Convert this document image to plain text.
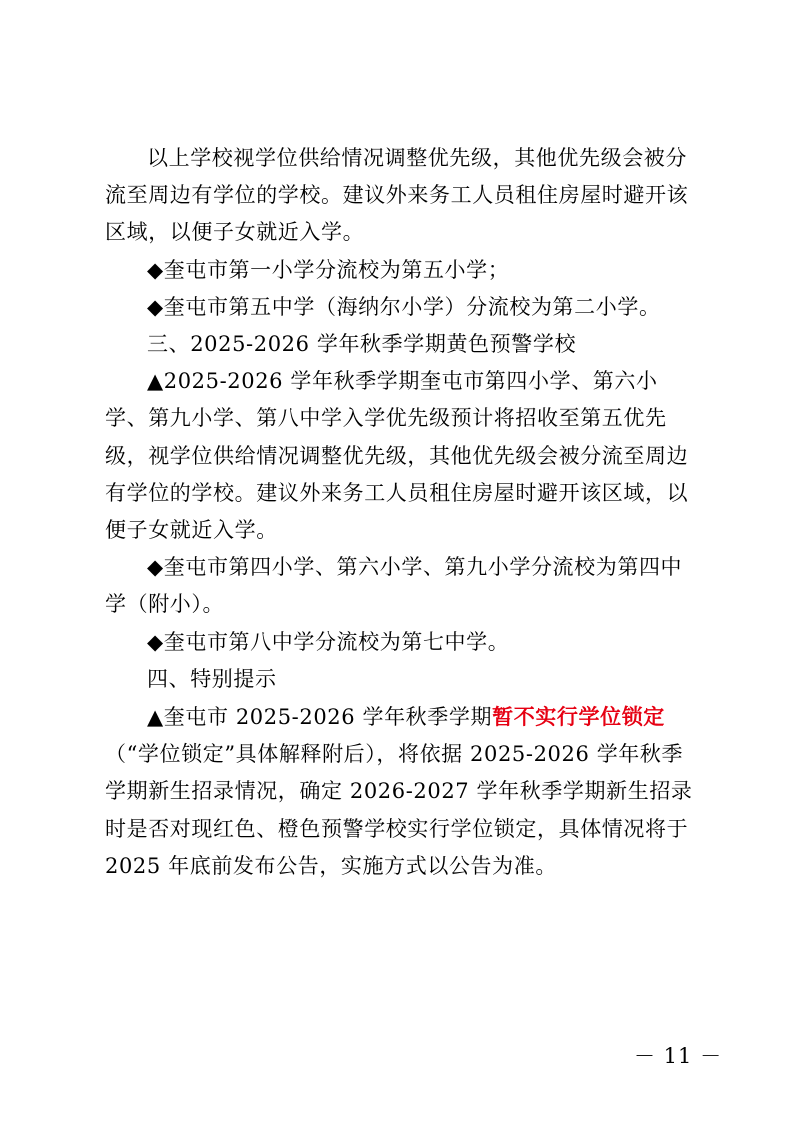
以上学校视学位供给情况调整优先级，其他优先级会被分流至周边有学位的学校。建议外来务工人员租住房屋时避开该区域，以便子女就近入学。

◆奎屯市第一小学分流校为第五小学；

◆奎屯市第五中学（海纳尔小学）分流校为第二小学。

三、2025-2026 学年秋季学期黄色预警学校

▲2025-2026 学年秋季学期奎屯市第四小学、第六小学、第九小学、第八中学入学优先级预计将招收至第五优先级，视学位供给情况调整优先级，其他优先级会被分流至周边有学位的学校。建议外来务工人员租住房屋时避开该区域，以便子女就近入学。

◆奎屯市第四小学、第六小学、第九小学分流校为第四中学（附小）。

◆奎屯市第八中学分流校为第七中学。

四、特别提示

▲奎屯市 2025-2026 学年秋季学期暂不实行学位锁定（“学位锁定”具体解释附后），将依据 2025-2026 学年秋季学期新生招录情况，确定 2026-2027 学年秋季学期新生招录时是否对现红色、橙色预警学校实行学位锁定，具体情况将于 2025 年底前发布公告，实施方式以公告为准。

－ 11 －
